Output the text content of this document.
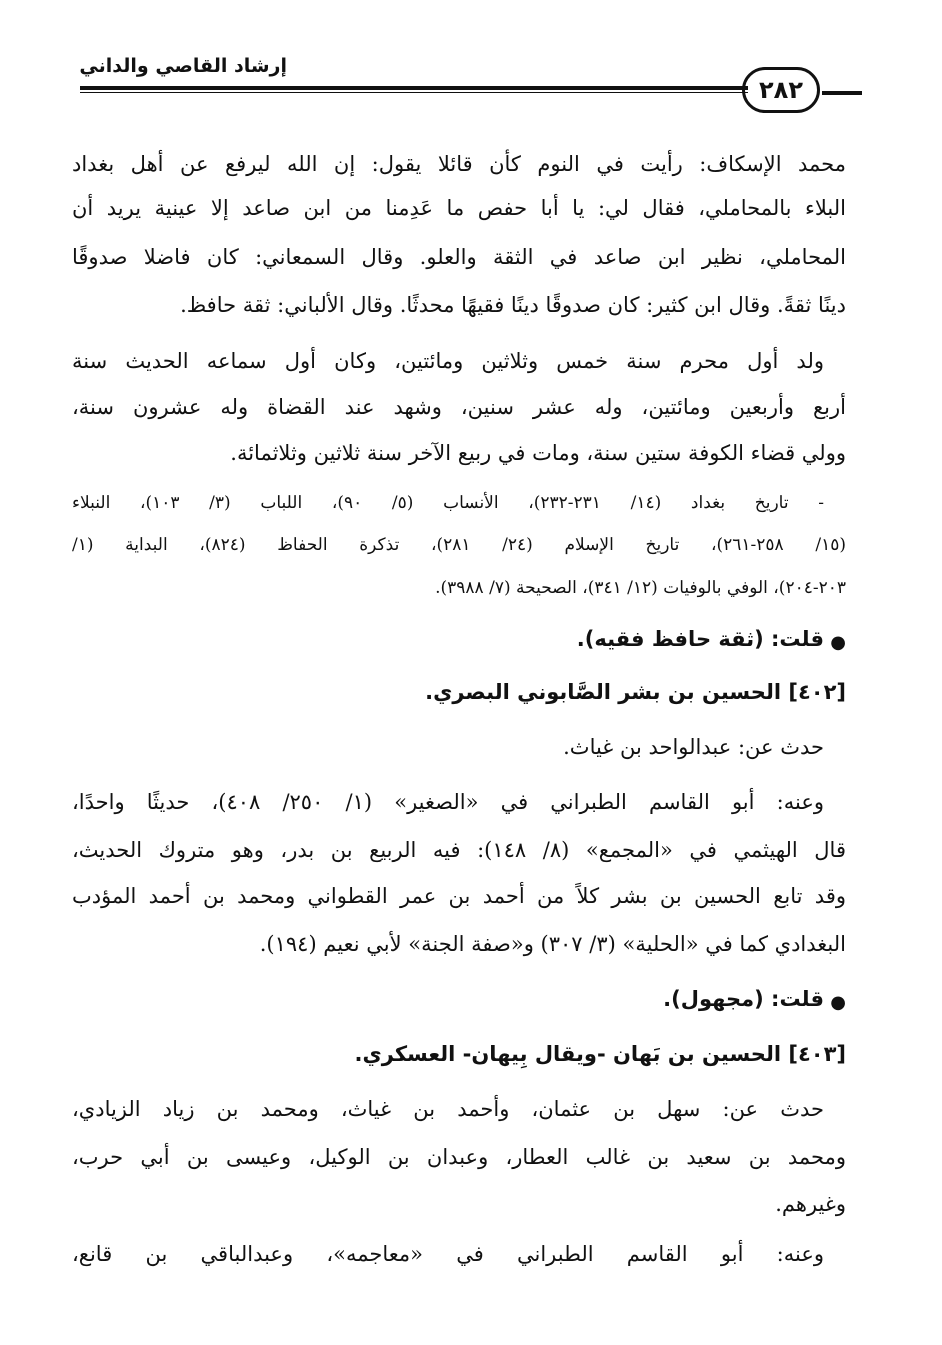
إرشاد القاصي والداني
٢٨٢
محمد الإسكاف: رأيت في النوم كأن قائلا يقول: إن الله ليرفع عن أهل بغداد
البلاء بالمحاملي، فقال لي: يا أبا حفص ما عَدِمنا من ابن صاعد إلا عينية يريد أن
المحاملي، نظير ابن صاعد في الثقة والعلو. وقال السمعاني: كان فاضلا صدوقًا
دينًا ثقةً. وقال ابن كثير: كان صدوقًا دينًا فقيهًا محدثًا. وقال الألباني: ثقة حافظ.
ولد أول محرم سنة خمس وثلاثين ومائتين، وكان أول سماعه الحديث سنة
أربع وأربعين ومائتين، وله عشر سنين، وشهد عند القضاة وله عشرون سنة،
وولي قضاء الكوفة ستين سنة، ومات في ربيع الآخر سنة ثلاثين وثلاثمائة.
- تاريخ بغداد (١٤/ ٢٣١-٢٣٢)، الأنساب (٥/ ٩٠)، اللباب (٣/ ١٠٣)، النبلاء
(١٥/ ٢٥٨-٢٦١)، تاريخ الإسلام (٢٤/ ٢٨١)، تذكرة الحفاظ (٨٢٤)، البداية (١/
٢٠٣-٢٠٤)، الوفي بالوفيات (١٢/ ٣٤١)، الصحيحة (٧/ ٣٩٨٨).
●
قلت: (ثقة حافظ فقيه).
[٤٠٢] الحسين بن بشر الصَّابوني البصري.
حدث عن: عبدالواحد بن غياث.
وعنه: أبو القاسم الطبراني في «الصغير» (١/ ٢٥٠/ ٤٠٨)، حديثًا واحدًا،
قال الهيثمي في «المجمع» (٨/ ١٤٨): فيه الربيع بن بدر، وهو متروك الحديث،
وقد تابع الحسين بن بشر كلاً من أحمد بن عمر القطواني ومحمد بن أحمد المؤدب
البغدادي كما في «الحلية» (٣/ ٣٠٧) و«صفة الجنة» لأبي نعيم (١٩٤).
●
قلت: (مجهول).
[٤٠٣] الحسين بن بَهان -ويقال بِيهان- العسكري.
حدث عن: سهل بن عثمان، وأحمد بن غياث، ومحمد بن زياد الزيادي،
ومحمد بن سعيد بن غالب العطار، وعبدان بن الوكيل، وعيسى بن أبي حرب،
وغيرهم.
وعنه: أبو القاسم الطبراني في «معاجمه»، وعبدالباقي بن قانع،
